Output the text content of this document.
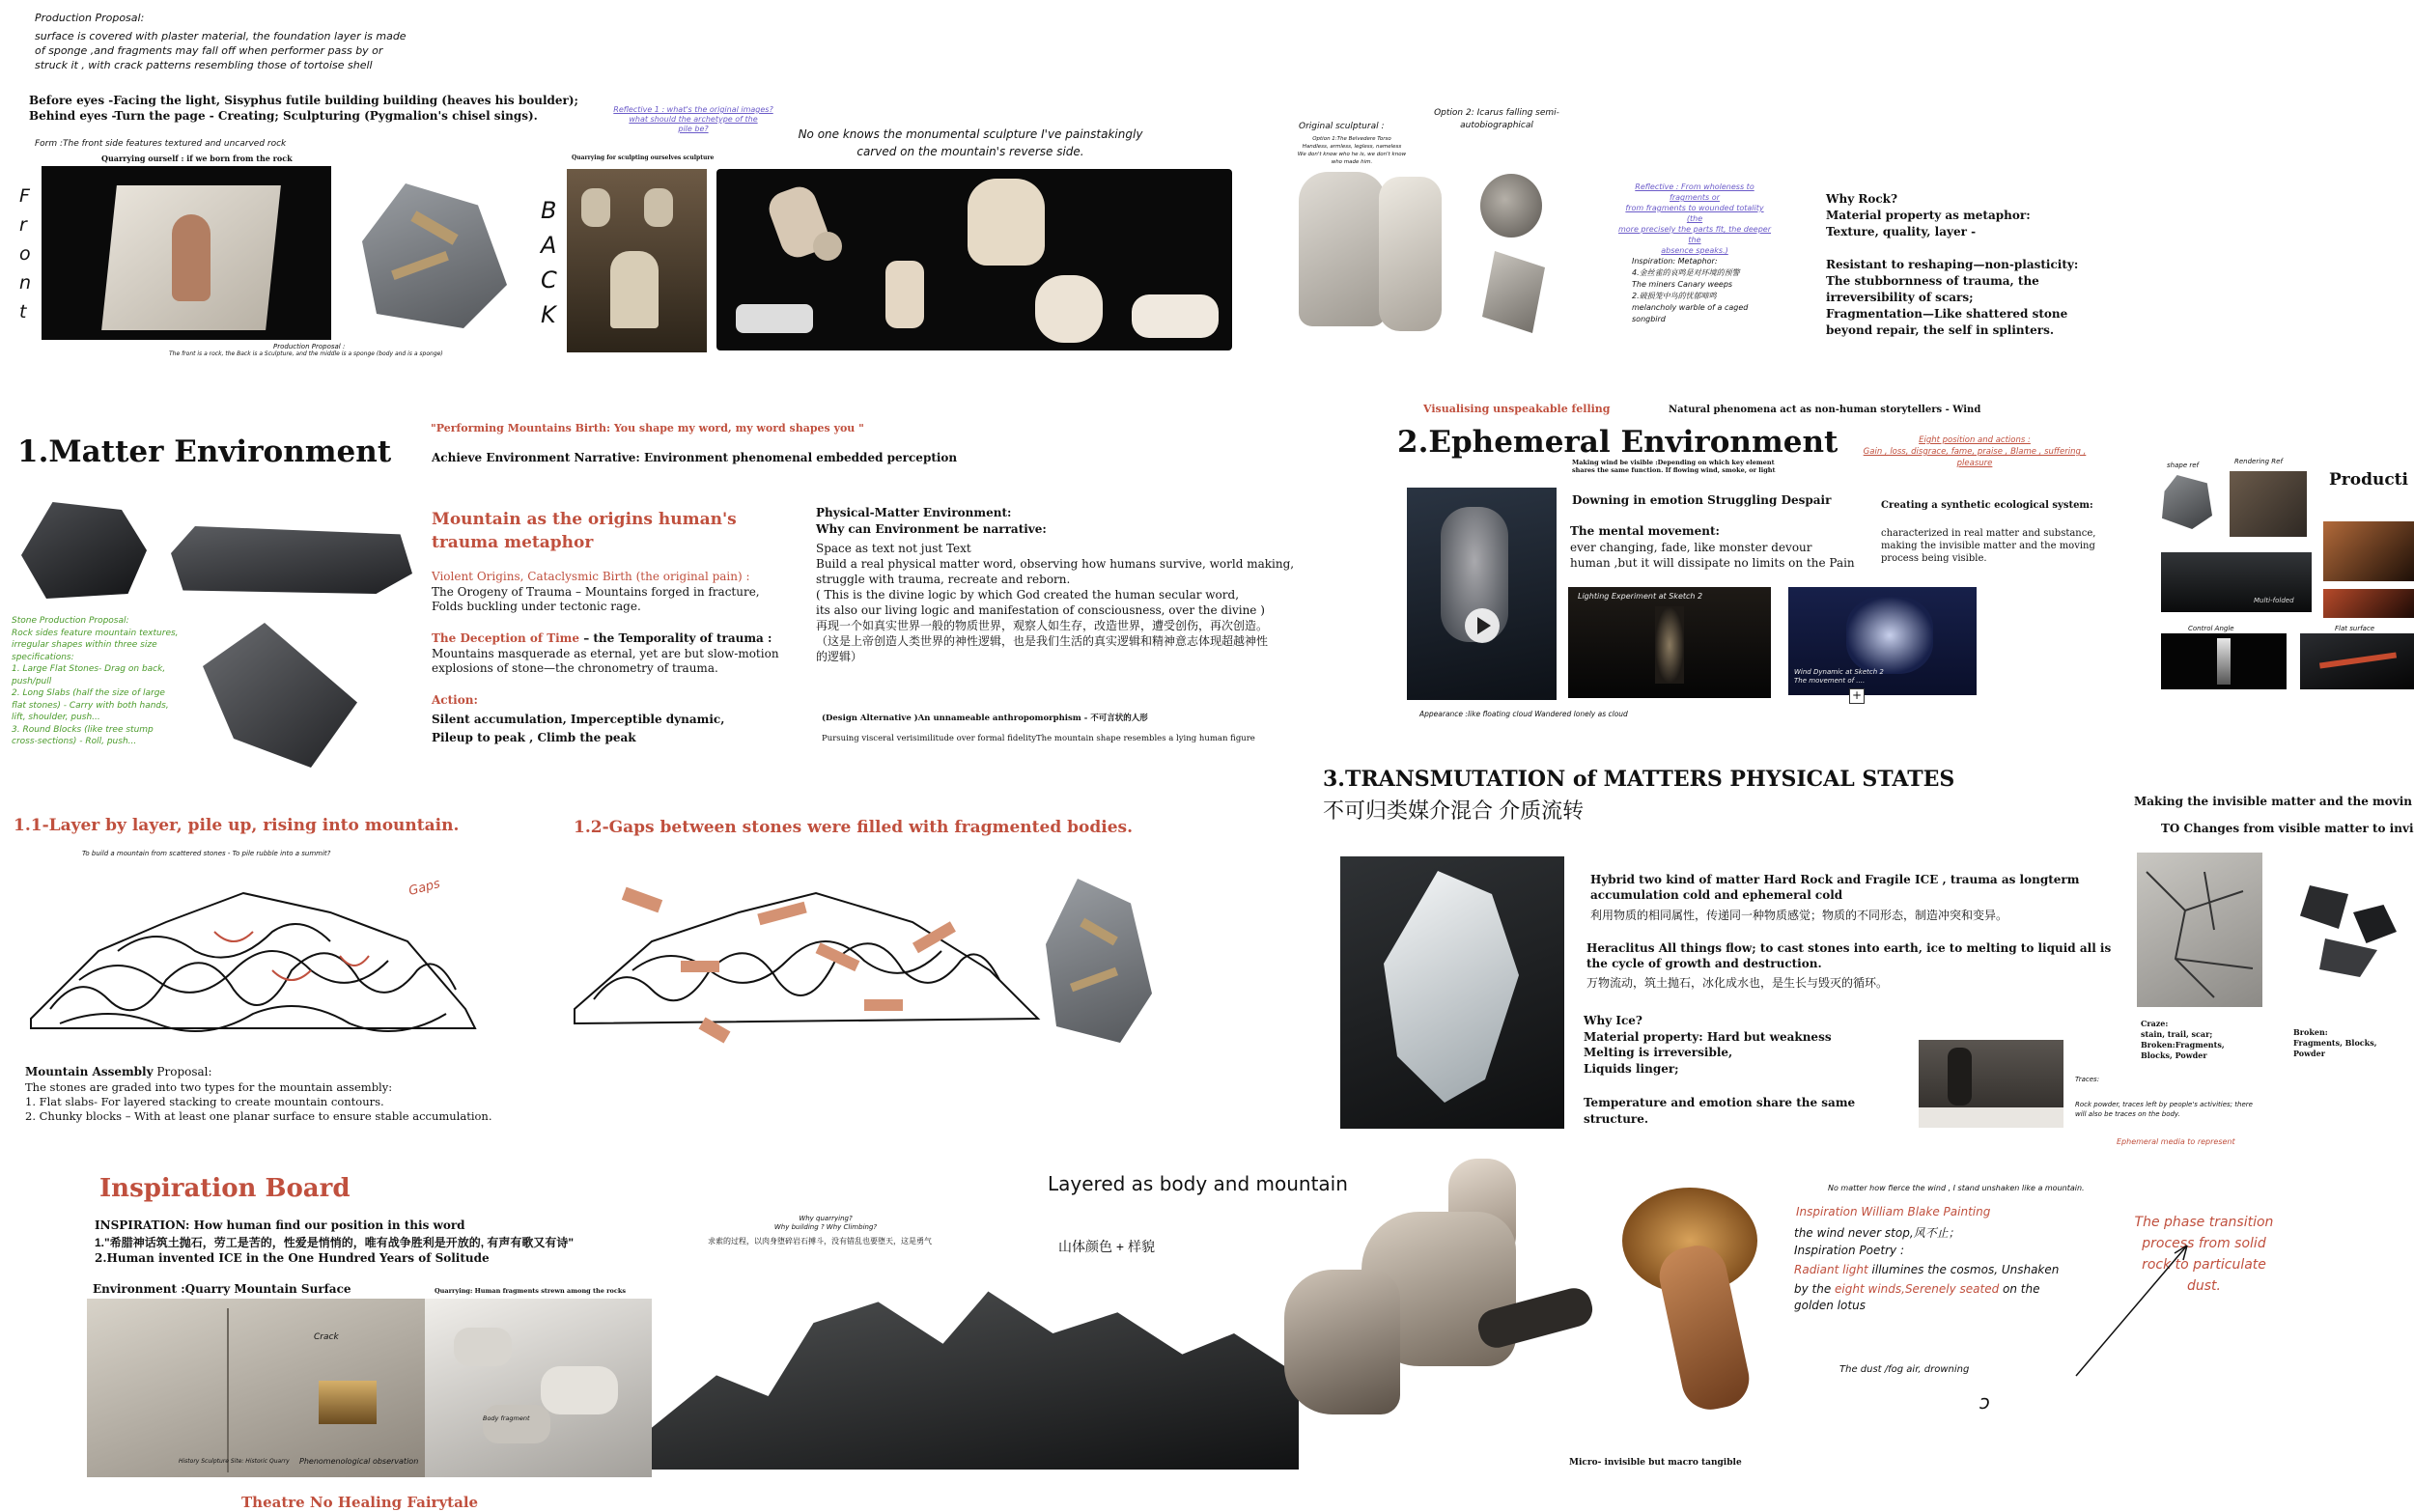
Production Proposal:
surface is covered with plaster material, the foundation layer is made
of sponge ,and fragments may fall off when performer pass by or
struck it , with crack patterns resembling those of tortoise shell
Before eyes -Facing the light, Sisyphus futile building building (heaves his boulder);
Behind eyes -Turn the page - Creating; Sculpturing (Pygmalion's chisel sings).
Form :The front side features textured and uncarved rock
Quarrying ourself : if we born from the rock
F
r
o
n
t
Production Proposal :
The front is a rock, the Back is a Sculpture, and the middle is a sponge (body and is a sponge)
B
A
C
K
Quarrying for sculpting ourselves sculpture
Reflective 1 : what's the original images?
what should the archetype of the
pile be?	No one knows the monumental sculpture I've painstakingly
carved on the mountain's reverse side.
Original sculptural :
Option 1:The Belvedere Torso
Handless, armless, legless, nameless
We don't know who he is, we don't know who made him.
Option 2: Icarus falling semi-
autobiographical
Reflective : From wholeness to fragments or
from fragments to wounded totality (the
more precisely the parts fit, the deeper the
absence speaks.)
Inspiration: Metaphor:
4.金丝雀的哀鸣是对环境的预警
The miners Canary weeps
2.破损笼中鸟的忧郁啼鸣
melancholy warble of a caged
songbird
Why Rock?
Material property as metaphor:
Texture, quality, layer -
Resistant to reshaping—non-plasticity:
The stubbornness of trauma, the
irreversibility of scars;
Fragmentation—Like shattered stone
beyond repair, the self in splinters.
1.Matter Environment
"Performing Mountains Birth: You shape my word, my word shapes you "
Achieve Environment Narrative: Environment phenomenal embedded perception
Stone Production Proposal:
Rock sides feature mountain textures,
irregular shapes within three size
specifications:
1. Large Flat Stones- Drag on back,
push/pull
2. Long Slabs (half the size of large
flat stones) - Carry with both hands,
lift, shoulder, push...
3. Round Blocks (like tree stump
cross-sections) - Roll, push...
Mountain as the origins human's
trauma metaphor
Violent Origins, Cataclysmic Birth (the original pain) :
The Orogeny of Trauma – Mountains forged in fracture,
Folds buckling under tectonic rage.
The Deception of Time – the Temporality of trauma :
Mountains masquerade as eternal, yet are but slow-motion
explosions of stone—the chronometry of trauma.
Action:
Silent accumulation, Imperceptible dynamic,
Pileup to peak , Climb the peak
Physical-Matter Environment:
Why can Environment be narrative:
Space as text not just Text
Build a real physical matter word, observing how humans survive, world making,
struggle with trauma, recreate and reborn.
( This is the divine logic by which God created the human secular word,
its also our living logic and manifestation of consciousness, over the divine )
再现一个如真实世界一般的物质世界，观察人如生存，改造世界，遭受创伤，再次创造。
（这是上帝创造人类世界的神性逻辑，也是我们生活的真实逻辑和精神意志体现超越神性
的逻辑）
(Design Alternative )An unnameable anthropomorphism - 不可言状的人形
Pursuing visceral verisimilitude over formal fidelityThe mountain shape resembles a lying human figure
1.1-Layer by layer, pile up, rising into mountain.	1.2-Gaps between stones were filled with fragmented bodies.
To build a mountain from scattered stones - To pile rubble into a summit?
Gaps
Mountain Assembly Proposal:
The stones are graded into two types for the mountain assembly:
1. Flat slabs- For layered stacking to create mountain contours.
2. Chunky blocks – With at least one planar surface to ensure stable accumulation.
Visualising unspeakable felling	Natural phenomena act as non-human storytellers - Wind
2.Ephemeral Environment
Making wind be visible :Depending on which key element
shares the same function. If flowing wind, smoke, or light
Eight position and actions :
Gain , loss, disgrace, fame, praise , Blame , suffering ,
pleasure
Appearance :like floating cloud Wandered lonely as cloud
Downing in emotion Struggling Despair
The mental movement:
ever changing, fade, like monster devour
human ,but it will dissipate no limits on the Pain
Lighting Experiment at Sketch 2
Wind Dynamic at Sketch 2
The movement of ....
+
Creating a synthetic ecological system:
characterized in real matter and substance,
making the invisible matter and the moving
process being visible.
shape ref	Rendering Ref
Producti
Multi-folded
Control Angle	Flat surface
3.TRANSMUTATION of MATTERS PHYSICAL STATES
不可归类媒介混合 介质流转	Making the invisible matter and the movin
TO Changes from visible matter to invi
Hybrid two kind of matter Hard Rock and Fragile ICE , trauma as longterm
accumulation cold and ephemeral cold
利用物质的相同属性，传递同一种物质感觉；物质的不同形态，制造冲突和变异。
Heraclitus All things flow; to cast stones into earth, ice to melting to liquid all is
the cycle of growth and destruction.
万物流动，筑土抛石，冰化成水也，是生长与毁灭的循环。
Why Ice?
Material property: Hard but weakness
Melting is irreversible,
Liquids linger;
Temperature and emotion share the same
structure.
Traces:
Rock powder, traces left by people's activities; there
will also be traces on the body.
Ephemeral media to represent
Craze:
stain, trail, scar;
Broken:Fragments,
Blocks, Powder
Broken:
Fragments, Blocks,
Powder
Inspiration Board
INSPIRATION: How human find our position in this word
1."希腊神话筑土抛石，劳工是苦的，性爱是悄悄的，唯有战争胜利是开放的, 有声有歌又有诗"
2.Human invented ICE in the One Hundred Years of Solitude
Environment :Quarry Mountain Surface	Quarrying: Human fragments strewn among the rocks
Why quarrying?
Why building ? Why Climbing?
求索的过程，以肉身堕碎岩石搏斗，没有错乱也要堕天，这是勇气
Crack
History Sculpture Site: Historic Quarry Phenomenological observation
Body fragment
Theatre No Healing Fairytale
Layered as body and mountain
山体颜色 + 样貌
No matter how fierce the wind , I stand unshaken like a mountain.
Inspiration William Blake Painting
the wind never stop,风不止；
Inspiration Poetry :
Radiant light illumines the cosmos, Unshaken
by the eight winds,Serenely seated on the
golden lotus
The dust /fog air, drowning
ↄ
Micro- invisible but macro tangible
The phase transition
process from solid
rock to particulate
dust.
